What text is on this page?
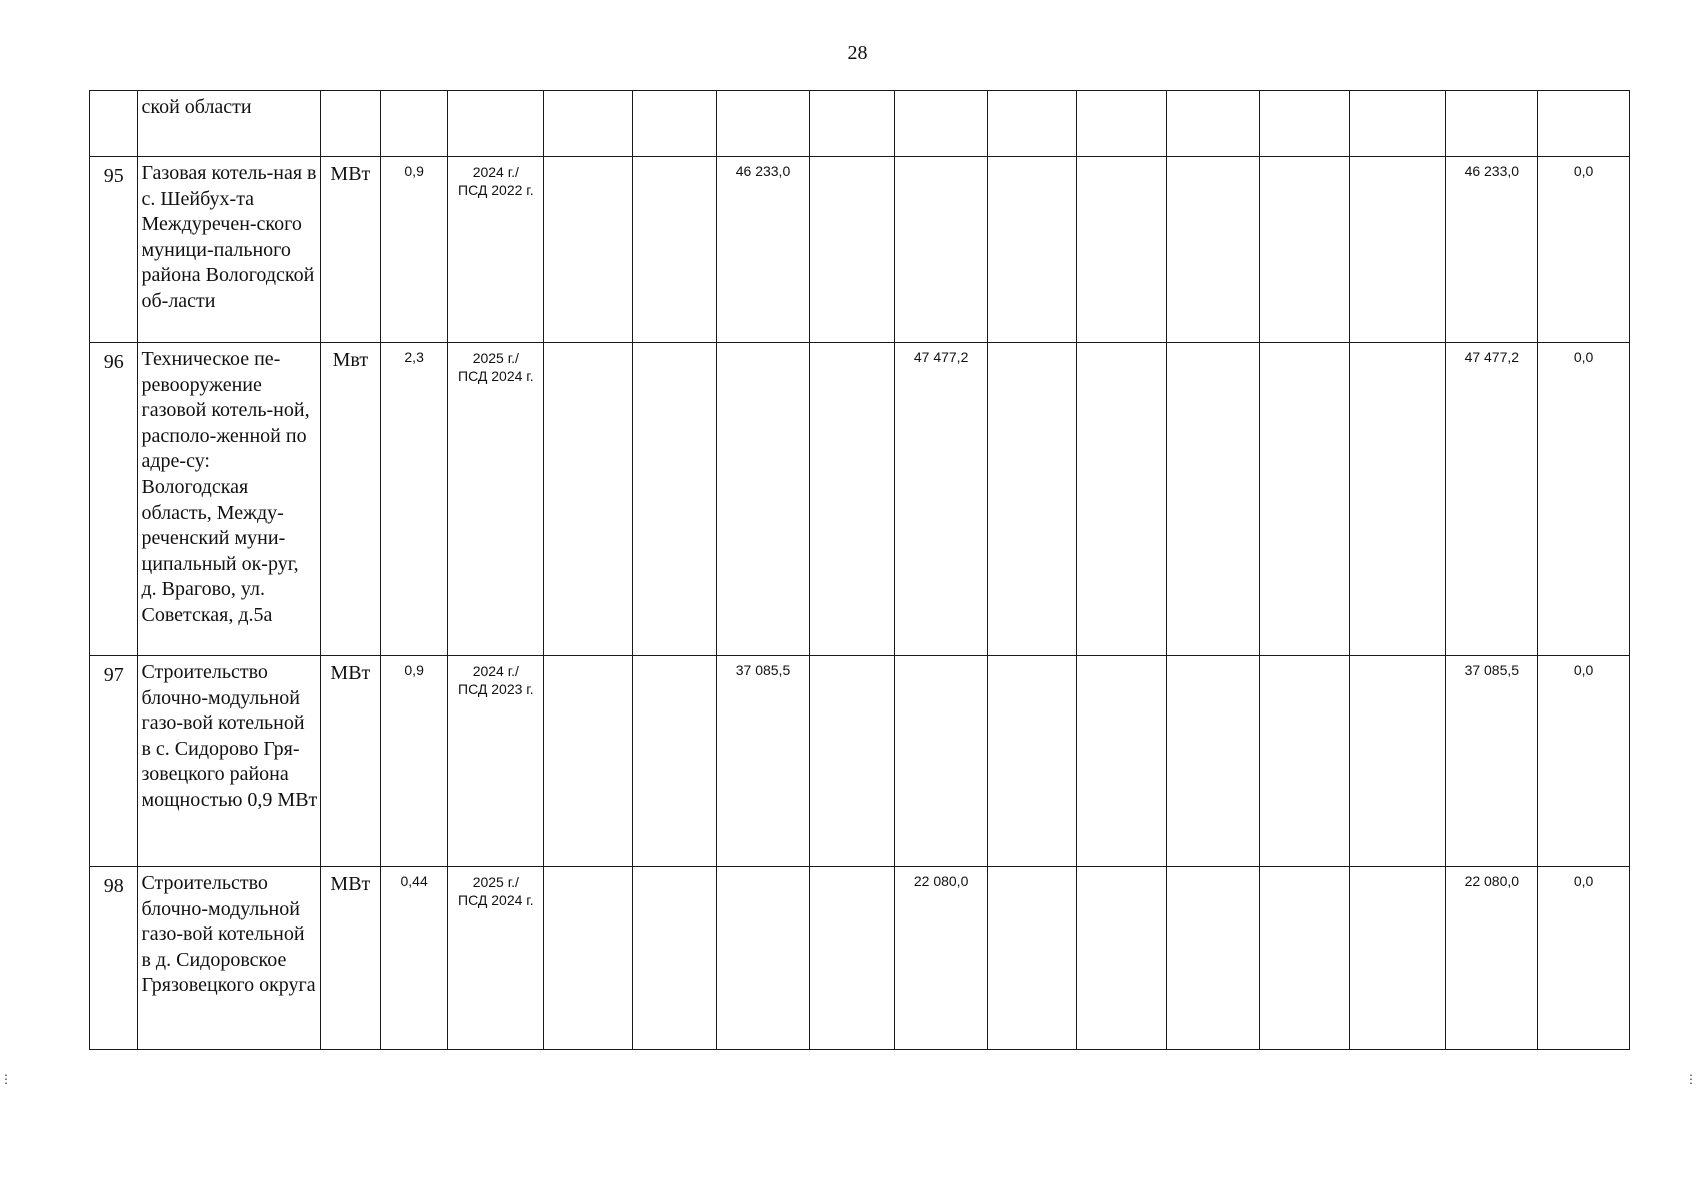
28
	ской области			

95	Газовая котель-ная в с. Шейбух-та Междуречен-ского муници-пального района Вологодской об-ласти	МВт	0,9	2024 г./
ПСД 2022 г.			46 233,0								46 233,0	0,0
96	Техническое пе-ревооружение газовой котель-ной, располо-женной по адре-су: Вологодская область, Между-реченский муни-ципальный ок-руг, д. Врагово, ул. Советская, д.5а	Мвт	2,3	2025 г./
ПСД 2024 г.					47 477,2						47 477,2	0,0
97	Строительство блочно-модульной газо-вой котельной в с. Сидорово Гря-зовецкого района мощностью 0,9 МВт	МВт	0,9	2024 г./
ПСД 2023 г.			37 085,5								37 085,5	0,0
98	Строительство блочно-модульной газо-вой котельной в д. Сидоровское Грязовецкого округа	МВт	0,44	2025 г./
ПСД 2024 г.					22 080,0						22 080,0	0,0
⋮	⋮
